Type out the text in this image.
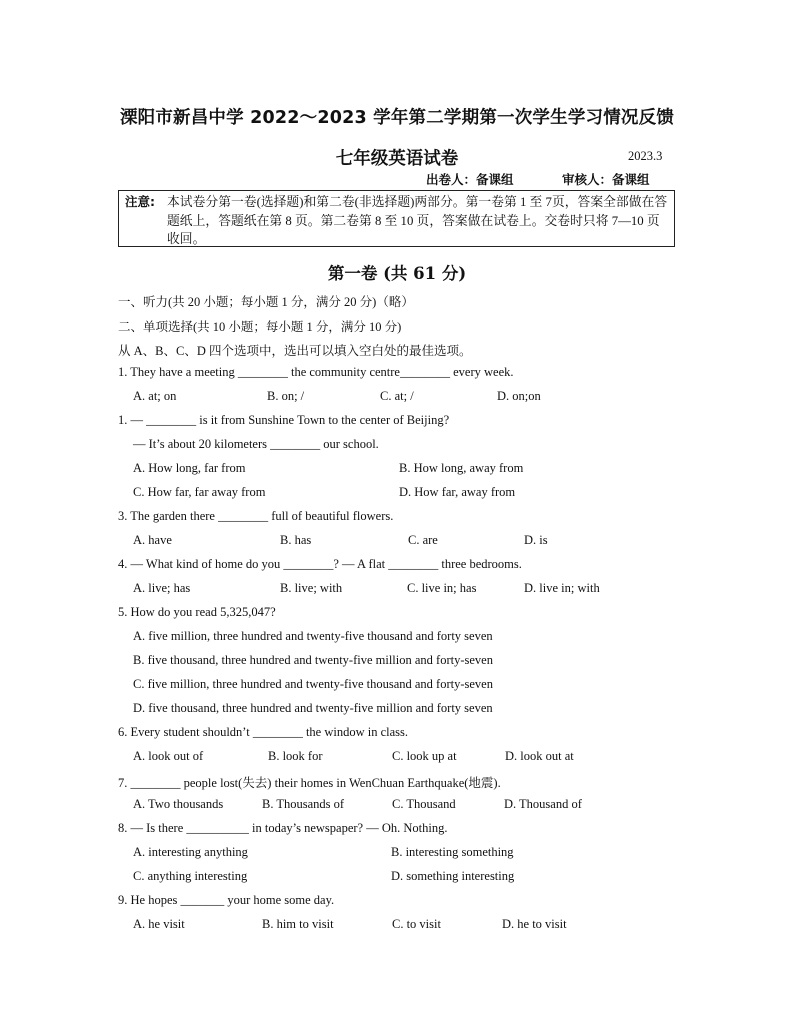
溧阳市新昌中学 2022～2023 学年第二学期第一次学生学习情况反馈
七年级英语试卷	2023.3
出卷人：备课组	审核人：备课组
注意: 本试卷分第一卷(选择题)和第二卷(非选择题)两部分。第一卷第 1 至 7页，答案全部做在答题纸上，答题纸在第 8 页。第二卷第 8 至 10 页，答案做在试卷上。交卷时只将 7—10 页收回。
第一卷 (共 61 分)
一、听力(共 20 小题；每小题 1 分，满分 20 分)（略）
二、单项选择(共 10 小题；每小题 1 分，满分 10 分)
从 A、B、C、D 四个选项中，选出可以填入空白处的最佳选项。
1. They have a meeting ________ the community centre________ every week.
A. at; on	B. on; /	C. at; /	D. on;on
1. — ________ is it from Sunshine Town to the center of Beijing?
— It’s about 20 kilometers ________ our school.
A. How long, far from	B. How long, away from
C. How far, far away from	D. How far, away from
3. The garden there ________ full of beautiful flowers.
A. have	B. has	C. are	D. is
4. — What kind of home do you ________? — A flat ________ three bedrooms.
A. live; has	B. live; with	C. live in; has	D. live in; with
5. How do you read 5,325,047?
A. five million, three hundred and twenty-five thousand and forty seven
B. five thousand, three hundred and twenty-five million and forty-seven
C. five million, three hundred and twenty-five thousand and forty-seven
D. five thousand, three hundred and twenty-five million and forty seven
6. Every student shouldn’t ________ the window in class.
A. look out of	B. look for	C. look up at	D. look out at
7. ________ people lost(失去) their homes in WenChuan Earthquake(地震).
A. Two thousands	B. Thousands of	C. Thousand	D. Thousand of
8. — Is there __________ in today’s newspaper? — Oh. Nothing.
A. interesting anything	B. interesting something
C. anything interesting	D. something interesting
9. He hopes _______ your home some day.
A. he visit	B. him to visit	C. to visit	D. he to visit
